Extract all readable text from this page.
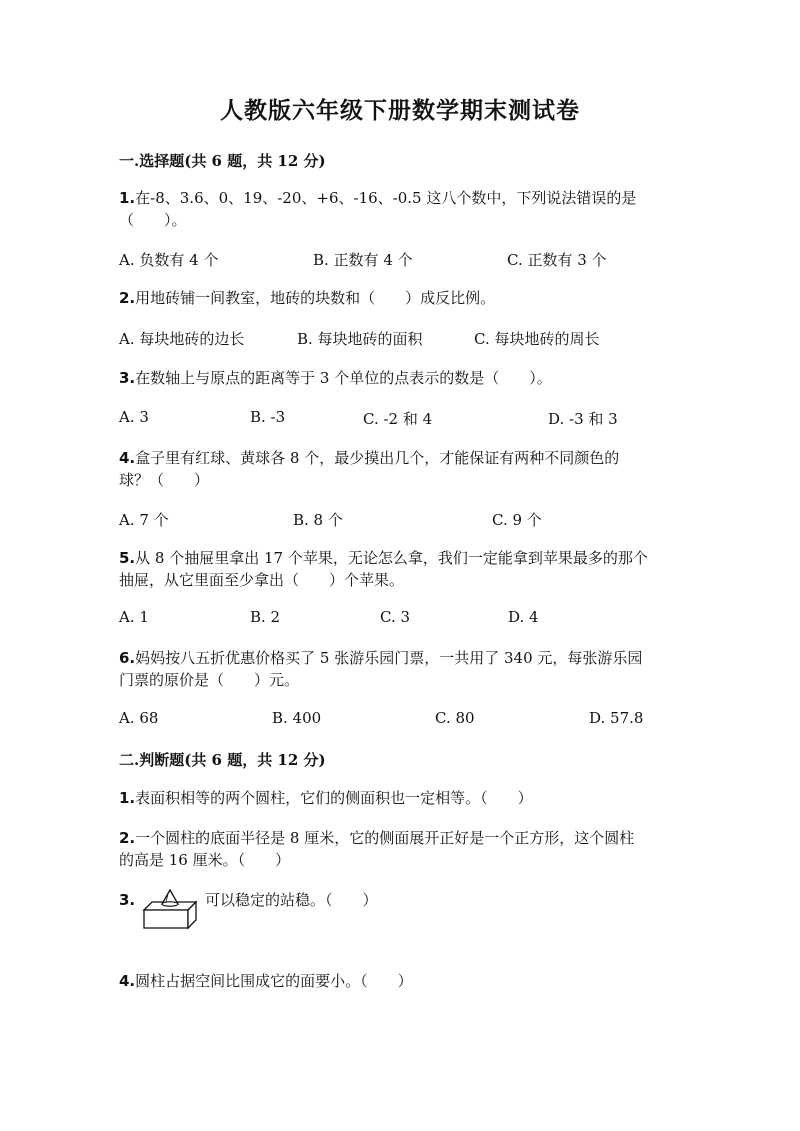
人教版六年级下册数学期末测试卷
一.选择题(共 6 题，共 12 分)
1.在-8、3.6、0、19、-20、+6、-16、-0.5 这八个数中，下列说法错误的是
（　　）。
A. 负数有 4 个	B. 正数有 4 个	C. 正数有 3 个
2.用地砖铺一间教室，地砖的块数和（　　）成反比例。
A. 每块地砖的边长	B. 每块地砖的面积	C. 每块地砖的周长
3.在数轴上与原点的距离等于 3 个单位的点表示的数是（　　）。
A. 3	B. -3	C. -2 和 4	D. -3 和 3
4.盒子里有红球、黄球各 8 个，最少摸出几个，才能保证有两种不同颜色的
球？（　　）
A. 7 个	B. 8 个	C. 9 个
5.从 8 个抽屉里拿出 17 个苹果，无论怎么拿，我们一定能拿到苹果最多的那个
抽屉，从它里面至少拿出（　　）个苹果。
A. 1	B. 2	C. 3	D. 4
6.妈妈按八五折优惠价格买了 5 张游乐园门票，一共用了 340 元，每张游乐园
门票的原价是（　　）元。
A. 68	B. 400	C. 80	D. 57.8
二.判断题(共 6 题，共 12 分)
1.表面积相等的两个圆柱，它们的侧面积也一定相等。（　　）
2.一个圆柱的底面半径是 8 厘米，它的侧面展开正好是一个正方形，这个圆柱
的高是 16 厘米。（　　）
3.	可以稳定的站稳。（　　）
4.圆柱占据空间比围成它的面要小。（　　）
